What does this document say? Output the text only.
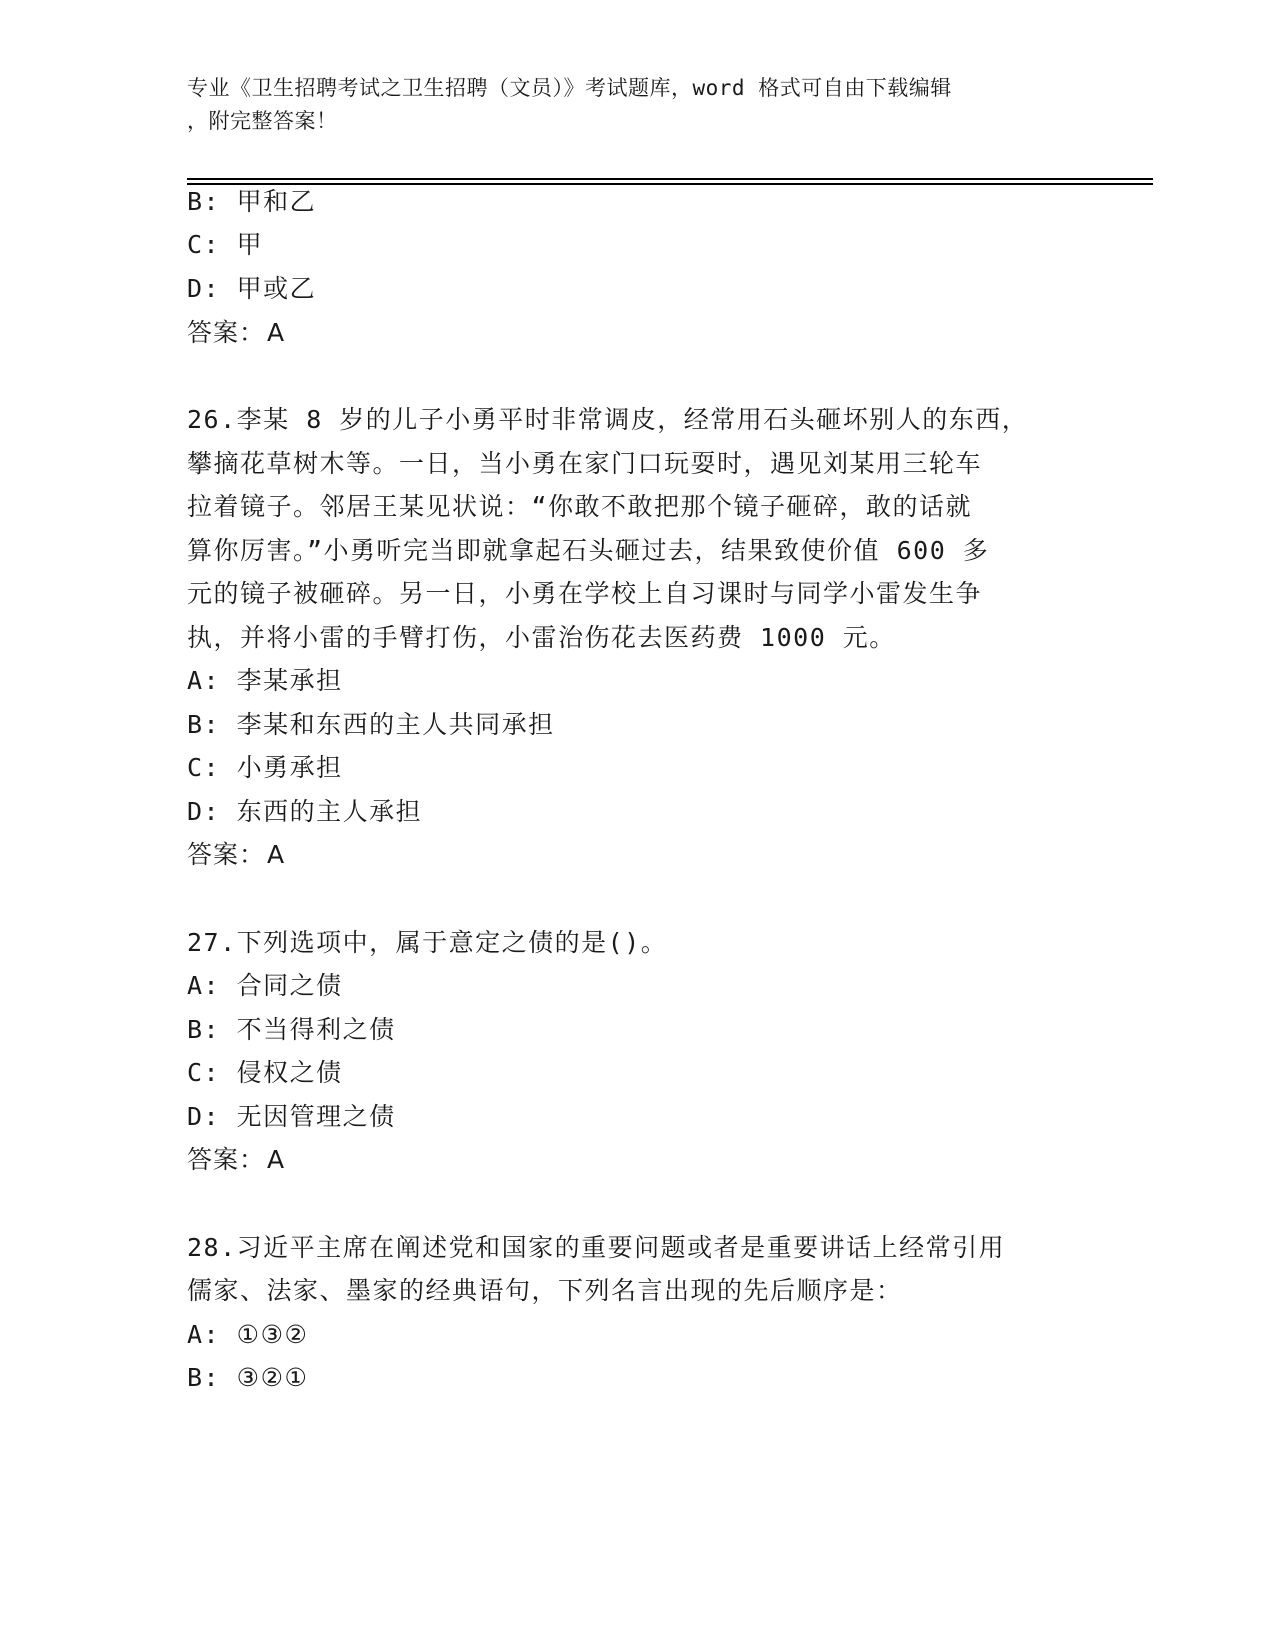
专业《卫生招聘考试之卫生招聘（文员）》考试题库，word 格式可自由下载编辑
，附完整答案！
B: 甲和乙
C: 甲
D: 甲或乙
答案：A
26.李某 8 岁的儿子小勇平时非常调皮，经常用石头砸坏别人的东西，
攀摘花草树木等。一日，当小勇在家门口玩耍时，遇见刘某用三轮车
拉着镜子。邻居王某见状说：“你敢不敢把那个镜子砸碎，敢的话就
算你厉害。”小勇听完当即就拿起石头砸过去，结果致使价值 600 多
元的镜子被砸碎。另一日，小勇在学校上自习课时与同学小雷发生争
执，并将小雷的手臂打伤，小雷治伤花去医药费 1000 元。
A: 李某承担
B: 李某和东西的主人共同承担
C: 小勇承担
D: 东西的主人承担
答案：A
27.下列选项中，属于意定之债的是()。
A: 合同之债
B: 不当得利之债
C: 侵权之债
D: 无因管理之债
答案：A
28.习近平主席在阐述党和国家的重要问题或者是重要讲话上经常引用
儒家、法家、墨家的经典语句，下列名言出现的先后顺序是：
A: ①③②
B: ③②①
